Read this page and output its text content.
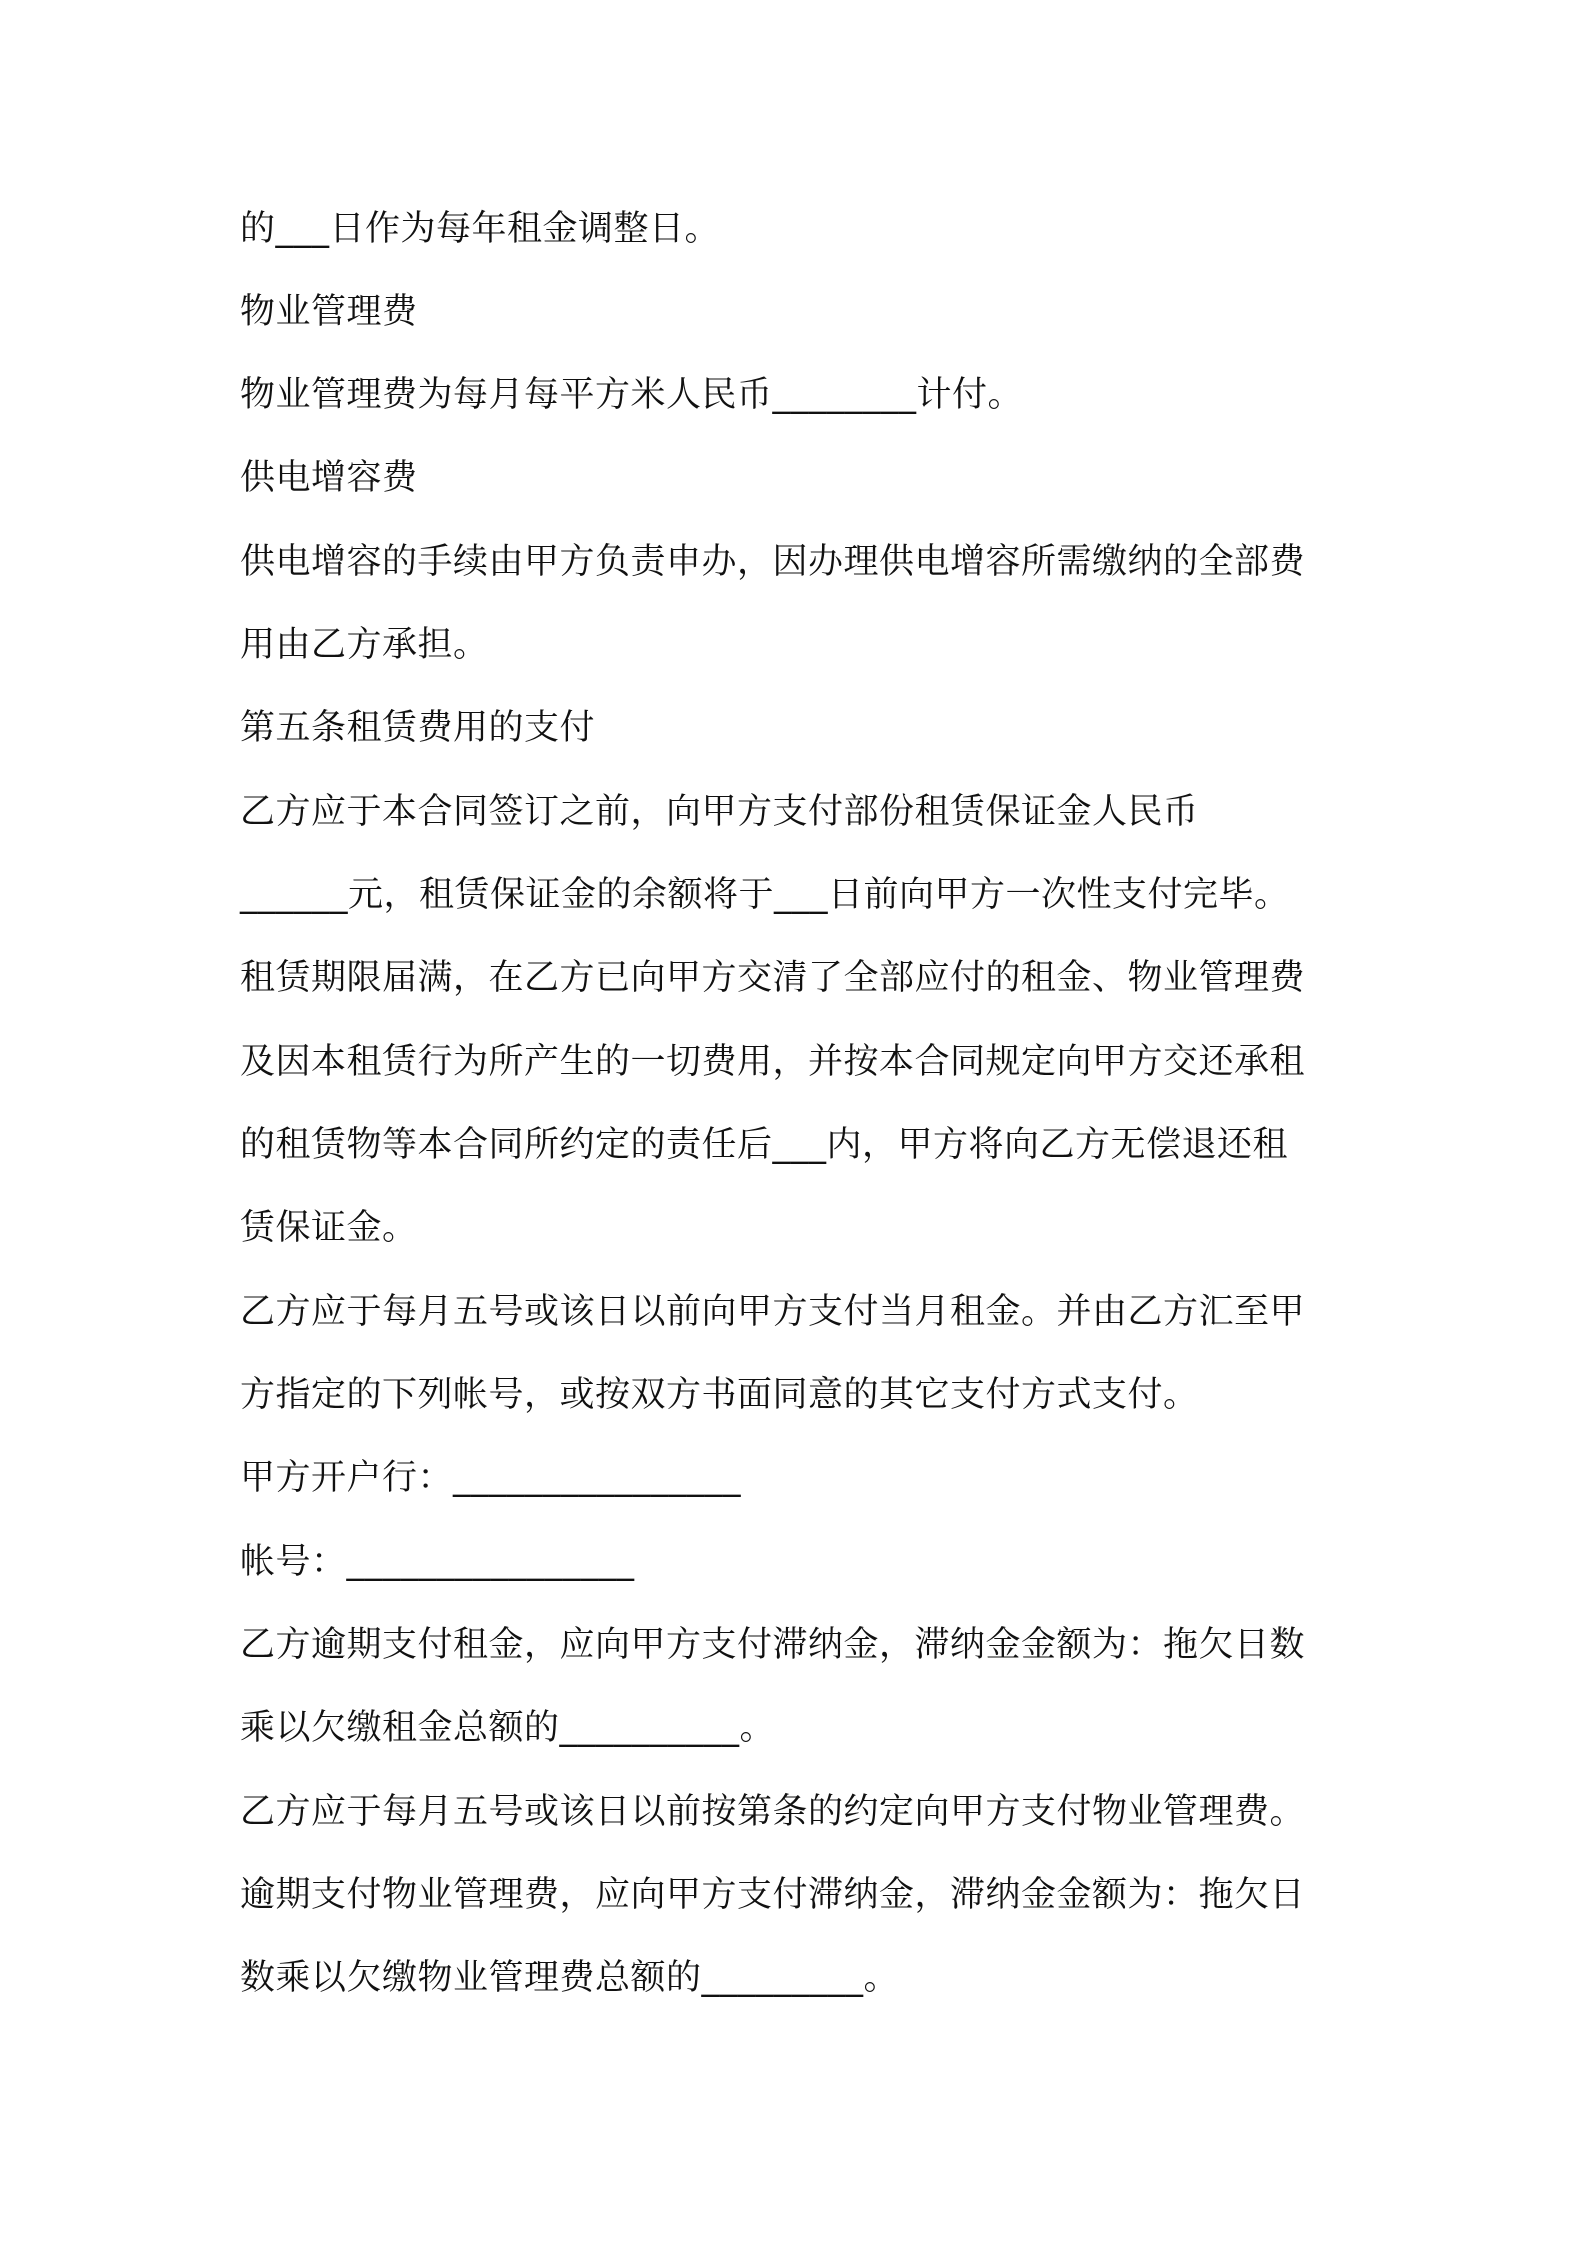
的___日作为每年租金调整日。
物业管理费
物业管理费为每月每平方米人民币________计付。
供电增容费
供电增容的手续由甲方负责申办，因办理供电增容所需缴纳的全部费
用由乙方承担。
第五条租赁费用的支付
乙方应于本合同签订之前，向甲方支付部份租赁保证金人民币
______元，租赁保证金的余额将于___日前向甲方一次性支付完毕。
租赁期限届满，在乙方已向甲方交清了全部应付的租金、物业管理费
及因本租赁行为所产生的一切费用，并按本合同规定向甲方交还承租
的租赁物等本合同所约定的责任后___内，甲方将向乙方无偿退还租
赁保证金。
乙方应于每月五号或该日以前向甲方支付当月租金。并由乙方汇至甲
方指定的下列帐号，或按双方书面同意的其它支付方式支付。
甲方开户行：________________
帐号：________________
乙方逾期支付租金，应向甲方支付滞纳金，滞纳金金额为：拖欠日数
乘以欠缴租金总额的__________。
乙方应于每月五号或该日以前按第条的约定向甲方支付物业管理费。
逾期支付物业管理费，应向甲方支付滞纳金，滞纳金金额为：拖欠日
数乘以欠缴物业管理费总额的_________。
